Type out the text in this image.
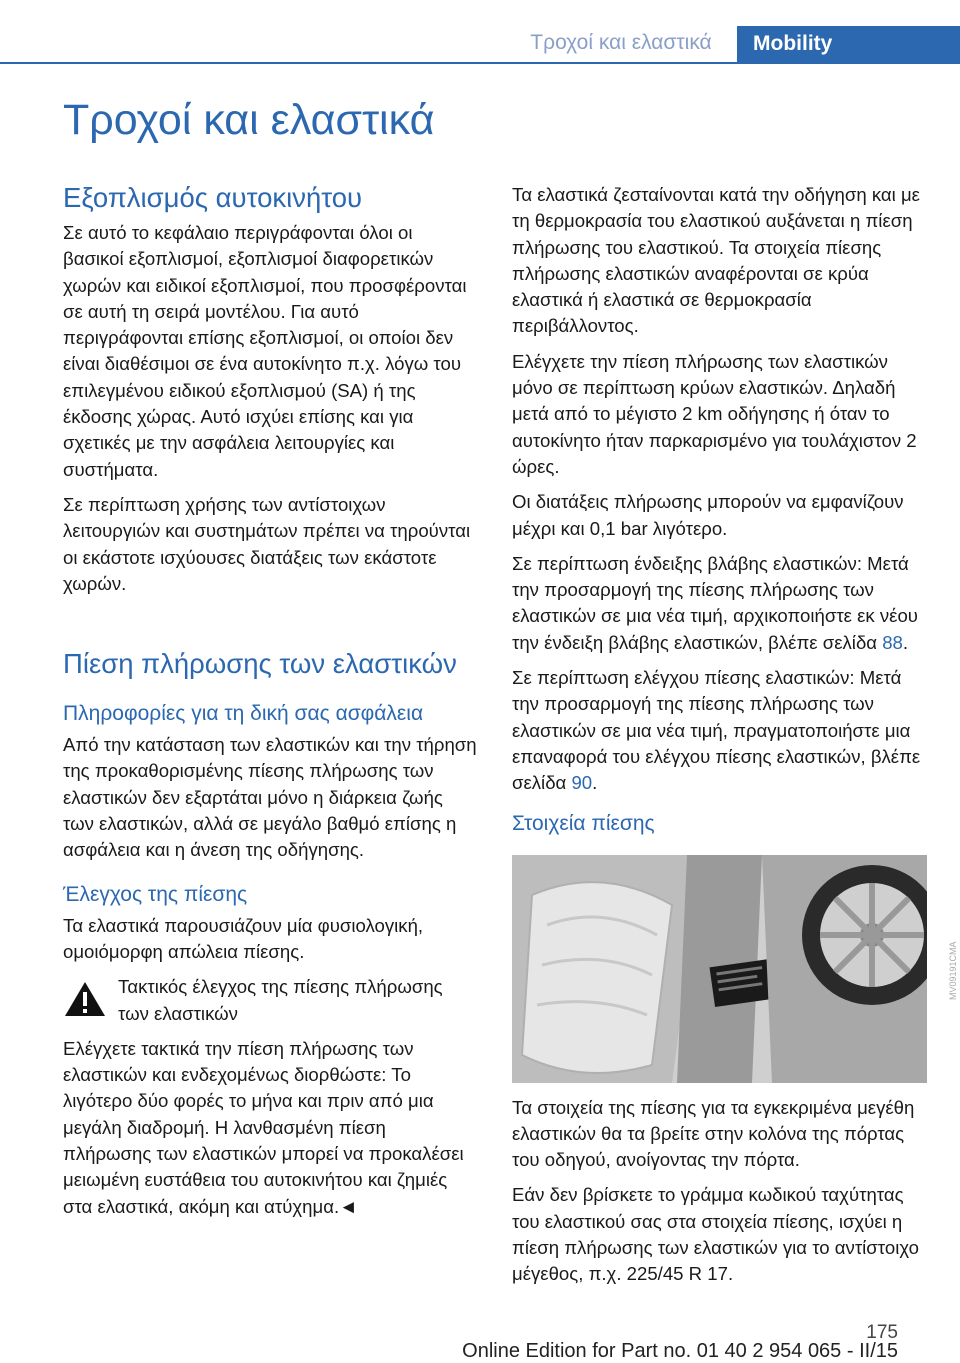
Τροχοί και ελαστικά	Mobility
Τροχοί και ελαστικά
Εξοπλισμός αυτοκινήτου

Σε αυτό το κεφάλαιο περιγράφονται όλοι οι βασικοί εξοπλισμοί, εξοπλισμοί διαφορετικών χωρών και ειδικοί εξοπλισμοί, που προσφέρονται σε αυτή τη σειρά μοντέλου. Για αυτό περιγράφονται επίσης εξοπλισμοί, οι οποίοι δεν είναι διαθέσιμοι σε ένα αυτοκίνητο π.χ. λόγω του επιλεγμένου ειδικού εξοπλισμού (SA) ή της έκδοσης χώρας. Αυτό ισχύει επίσης και για σχετικές με την ασφάλεια λειτουργίες και συστήματα.

Σε περίπτωση χρήσης των αντίστοιχων λειτουργιών και συστημάτων πρέπει να τηρούνται οι εκάστοτε ισχύουσες διατάξεις των εκάστοτε χωρών.

Πίεση πλήρωσης των ελαστικών
Πληροφορίες για τη δική σας ασφάλεια

Από την κατάσταση των ελαστικών και την τήρηση της προκαθορισμένης πίεσης πλήρωσης των ελαστικών δεν εξαρτάται μόνο η διάρκεια ζωής των ελαστικών, αλλά σε μεγάλο βαθμό επίσης η ασφάλεια και η άνεση της οδήγησης.

Έλεγχος της πίεσης

Τα ελαστικά παρουσιάζουν μία φυσιολογική, ομοιόμορφη απώλεια πίεσης.

Τακτικός έλεγχος της πίεσης πλήρωσης των ελαστικών

Ελέγχετε τακτικά την πίεση πλήρωσης των ελαστικών και ενδεχομένως διορθώστε: Το λιγότερο δύο φορές το μήνα και πριν από μια μεγάλη διαδρομή. Η λανθασμένη πίεση πλήρωσης των ελαστικών μπορεί να προκαλέσει μειωμένη ευστάθεια του αυτοκινήτου και ζημιές στα ελαστικά, ακόμη και ατύχημα.◄

Τα ελαστικά ζεσταίνονται κατά την οδήγηση και με τη θερμοκρασία του ελαστικού αυξάνεται η πίεση πλήρωσης του ελαστικού. Τα στοιχεία πίεσης πλήρωσης ελαστικών αναφέρονται σε κρύα ελαστικά ή ελαστικά σε θερμοκρασία περιβάλλοντος.

Ελέγχετε την πίεση πλήρωσης των ελαστικών μόνο σε περίπτωση κρύων ελαστικών. Δηλαδή μετά από το μέγιστο 2 km οδήγησης ή όταν το αυτοκίνητο ήταν παρκαρισμένο για τουλάχιστον 2 ώρες.

Οι διατάξεις πλήρωσης μπορούν να εμφανίζουν μέχρι και 0,1 bar λιγότερο.

Σε περίπτωση ένδειξης βλάβης ελαστικών: Μετά την προσαρμογή της πίεσης πλήρωσης των ελαστικών σε μια νέα τιμή, αρχικοποιήστε εκ νέου την ένδειξη βλάβης ελαστικών, βλέπε σελίδα 88.

Σε περίπτωση ελέγχου πίεσης ελαστικών: Μετά την προσαρμογή της πίεσης πλήρωσης των ελαστικών σε μια νέα τιμή, πραγματοποιήστε μια επαναφορά του ελέγχου πίεσης ελαστικών, βλέπε σελίδα 90.

Στοιχεία πίεσης

Τα στοιχεία της πίεσης για τα εγκεκριμένα μεγέθη ελαστικών θα τα βρείτε στην κολόνα της πόρτας του οδηγού, ανοίγοντας την πόρτα.

Εάν δεν βρίσκετε το γράμμα κωδικού ταχύτητας του ελαστικού σας στα στοιχεία πίεσης, ισχύει η πίεση πλήρωσης των ελαστικών για το αντίστοιχο μέγεθος, π.χ. 225/45 R 17.

MV09191CMA
175
Online Edition for Part no. 01 40 2 954 065 - II/15
